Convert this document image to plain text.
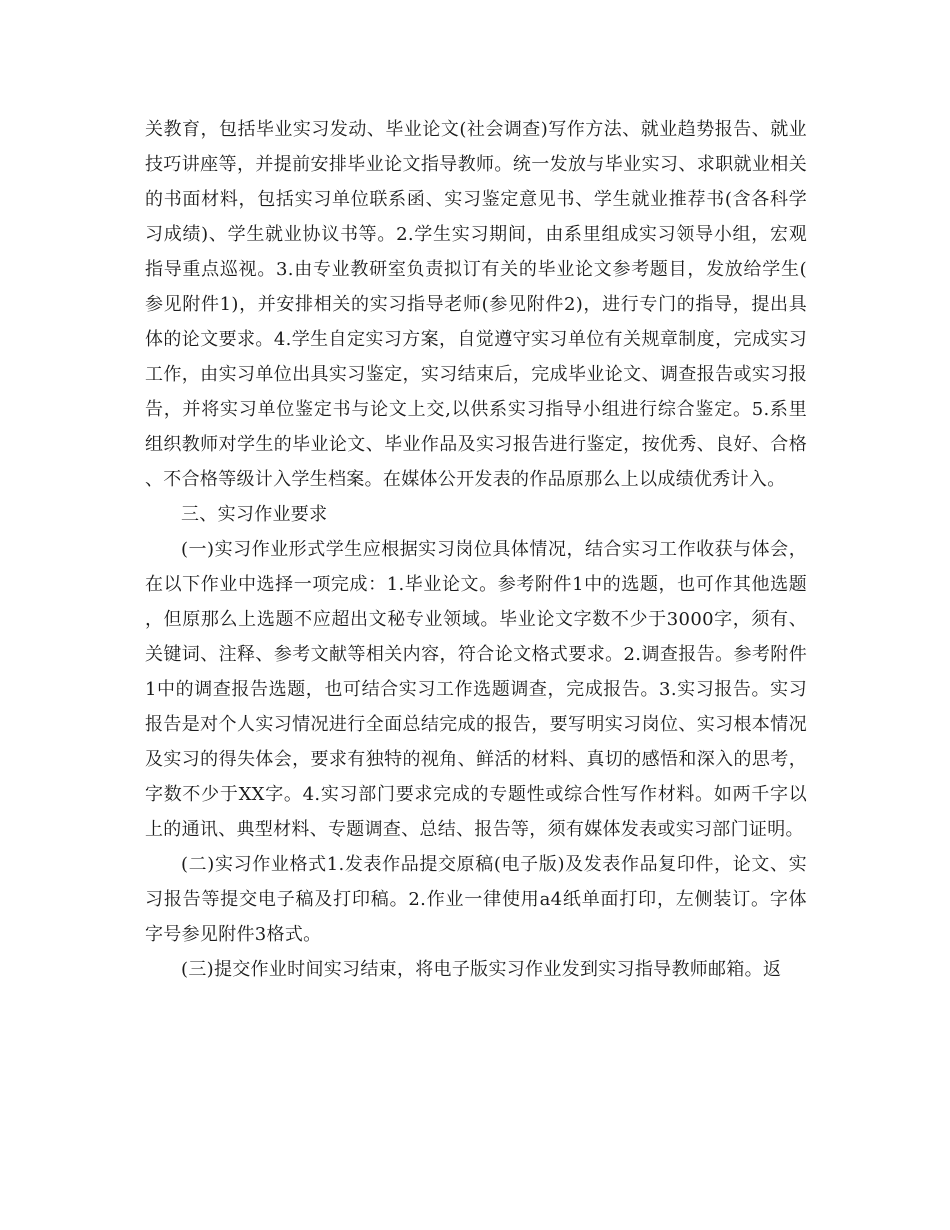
关教育，包括毕业实习发动、毕业论文(社会调查)写作方法、就业趋势报告、就业技巧讲座等，并提前安排毕业论文指导教师。统一发放与毕业实习、求职就业相关的书面材料，包括实习单位联系函、实习鉴定意见书、学生就业推荐书(含各科学习成绩)、学生就业协议书等。2.学生实习期间，由系里组成实习领导小组，宏观指导重点巡视。3.由专业教研室负责拟订有关的毕业论文参考题目，发放给学生(参见附件1)，并安排相关的实习指导老师(参见附件2)，进行专门的指导，提出具体的论文要求。4.学生自定实习方案，自觉遵守实习单位有关规章制度，完成实习工作，由实习单位出具实习鉴定，实习结束后，完成毕业论文、调查报告或实习报告，并将实习单位鉴定书与论文上交,以供系实习指导小组进行综合鉴定。5.系里组织教师对学生的毕业论文、毕业作品及实习报告进行鉴定，按优秀、良好、合格、不合格等级计入学生档案。在媒体公开发表的作品原那么上以成绩优秀计入。

三、实习作业要求

(一)实习作业形式学生应根据实习岗位具体情况，结合实习工作收获与体会，在以下作业中选择一项完成：1.毕业论文。参考附件1中的选题，也可作其他选题，但原那么上选题不应超出文秘专业领域。毕业论文字数不少于3000字，须有、关键词、注释、参考文献等相关内容，符合论文格式要求。2.调查报告。参考附件1中的调查报告选题，也可结合实习工作选题调查，完成报告。3.实习报告。实习报告是对个人实习情况进行全面总结完成的报告，要写明实习岗位、实习根本情况及实习的得失体会，要求有独特的视角、鲜活的材料、真切的感悟和深入的思考，字数不少于XX字。4.实习部门要求完成的专题性或综合性写作材料。如两千字以上的通讯、典型材料、专题调查、总结、报告等，须有媒体发表或实习部门证明。

(二)实习作业格式1.发表作品提交原稿(电子版)及发表作品复印件，论文、实习报告等提交电子稿及打印稿。2.作业一律使用a4纸单面打印，左侧装订。字体字号参见附件3格式。

(三)提交作业时间实习结束，将电子版实习作业发到实习指导教师邮箱。返
